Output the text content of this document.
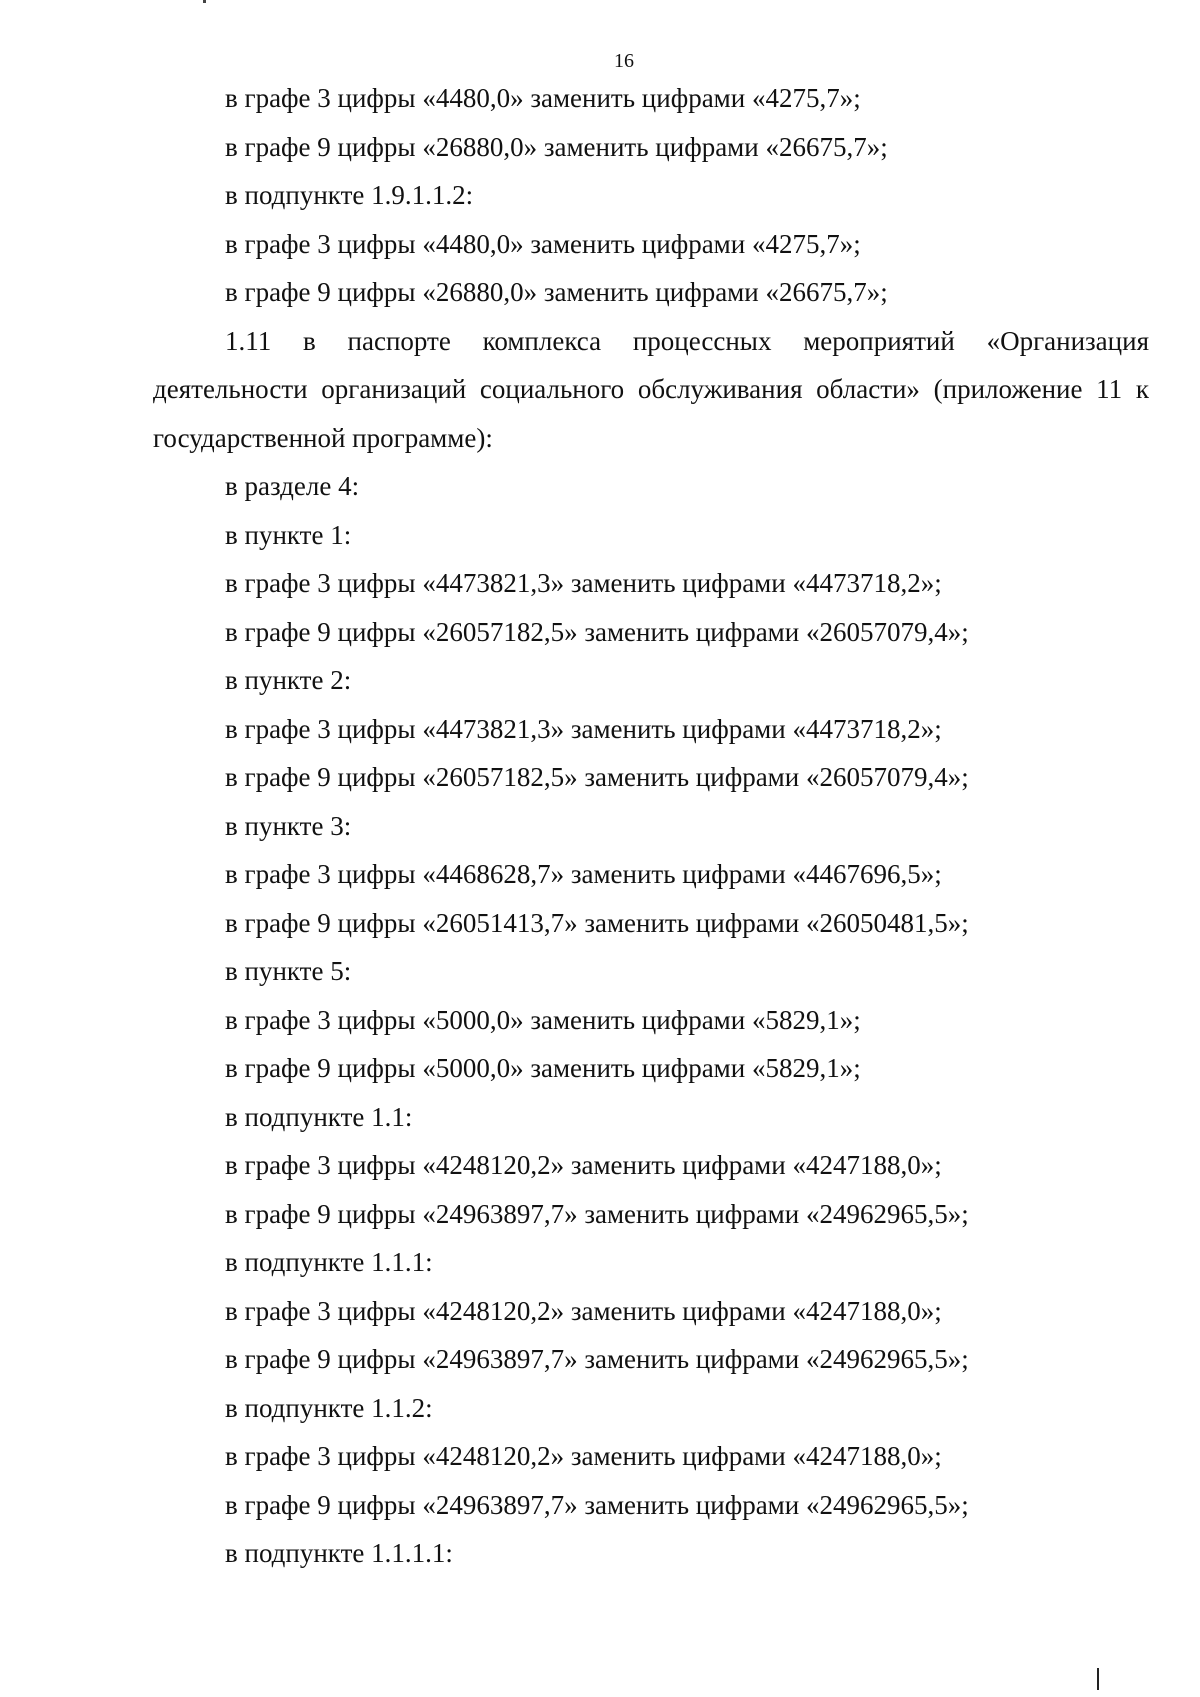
16
в графе 3 цифры «4480,0» заменить цифрами «4275,7»;
в графе 9 цифры «26880,0» заменить цифрами «26675,7»;
в подпункте 1.9.1.1.2:
в графе 3 цифры «4480,0» заменить цифрами «4275,7»;
в графе 9 цифры «26880,0» заменить цифрами «26675,7»;

1.11 в паспорте комплекса процессных мероприятий «Организация деятельности организаций социального обслуживания области» (приложение 11 к государственной программе):

в разделе 4:
в пункте 1:
в графе 3 цифры «4473821,3» заменить цифрами «4473718,2»;
в графе 9 цифры «26057182,5» заменить цифрами «26057079,4»;
в пункте 2:
в графе 3 цифры «4473821,3» заменить цифрами «4473718,2»;
в графе 9 цифры «26057182,5» заменить цифрами «26057079,4»;
в пункте 3:
в графе 3 цифры «4468628,7» заменить цифрами «4467696,5»;
в графе 9 цифры «26051413,7» заменить цифрами «26050481,5»;
в пункте 5:
в графе 3 цифры «5000,0» заменить цифрами «5829,1»;
в графе 9 цифры «5000,0» заменить цифрами «5829,1»;
в подпункте 1.1:
в графе 3 цифры «4248120,2» заменить цифрами «4247188,0»;
в графе 9 цифры «24963897,7» заменить цифрами «24962965,5»;
в подпункте 1.1.1:
в графе 3 цифры «4248120,2» заменить цифрами «4247188,0»;
в графе 9 цифры «24963897,7» заменить цифрами «24962965,5»;
в подпункте 1.1.2:
в графе 3 цифры «4248120,2» заменить цифрами «4247188,0»;
в графе 9 цифры «24963897,7» заменить цифрами «24962965,5»;
в подпункте 1.1.1.1:
